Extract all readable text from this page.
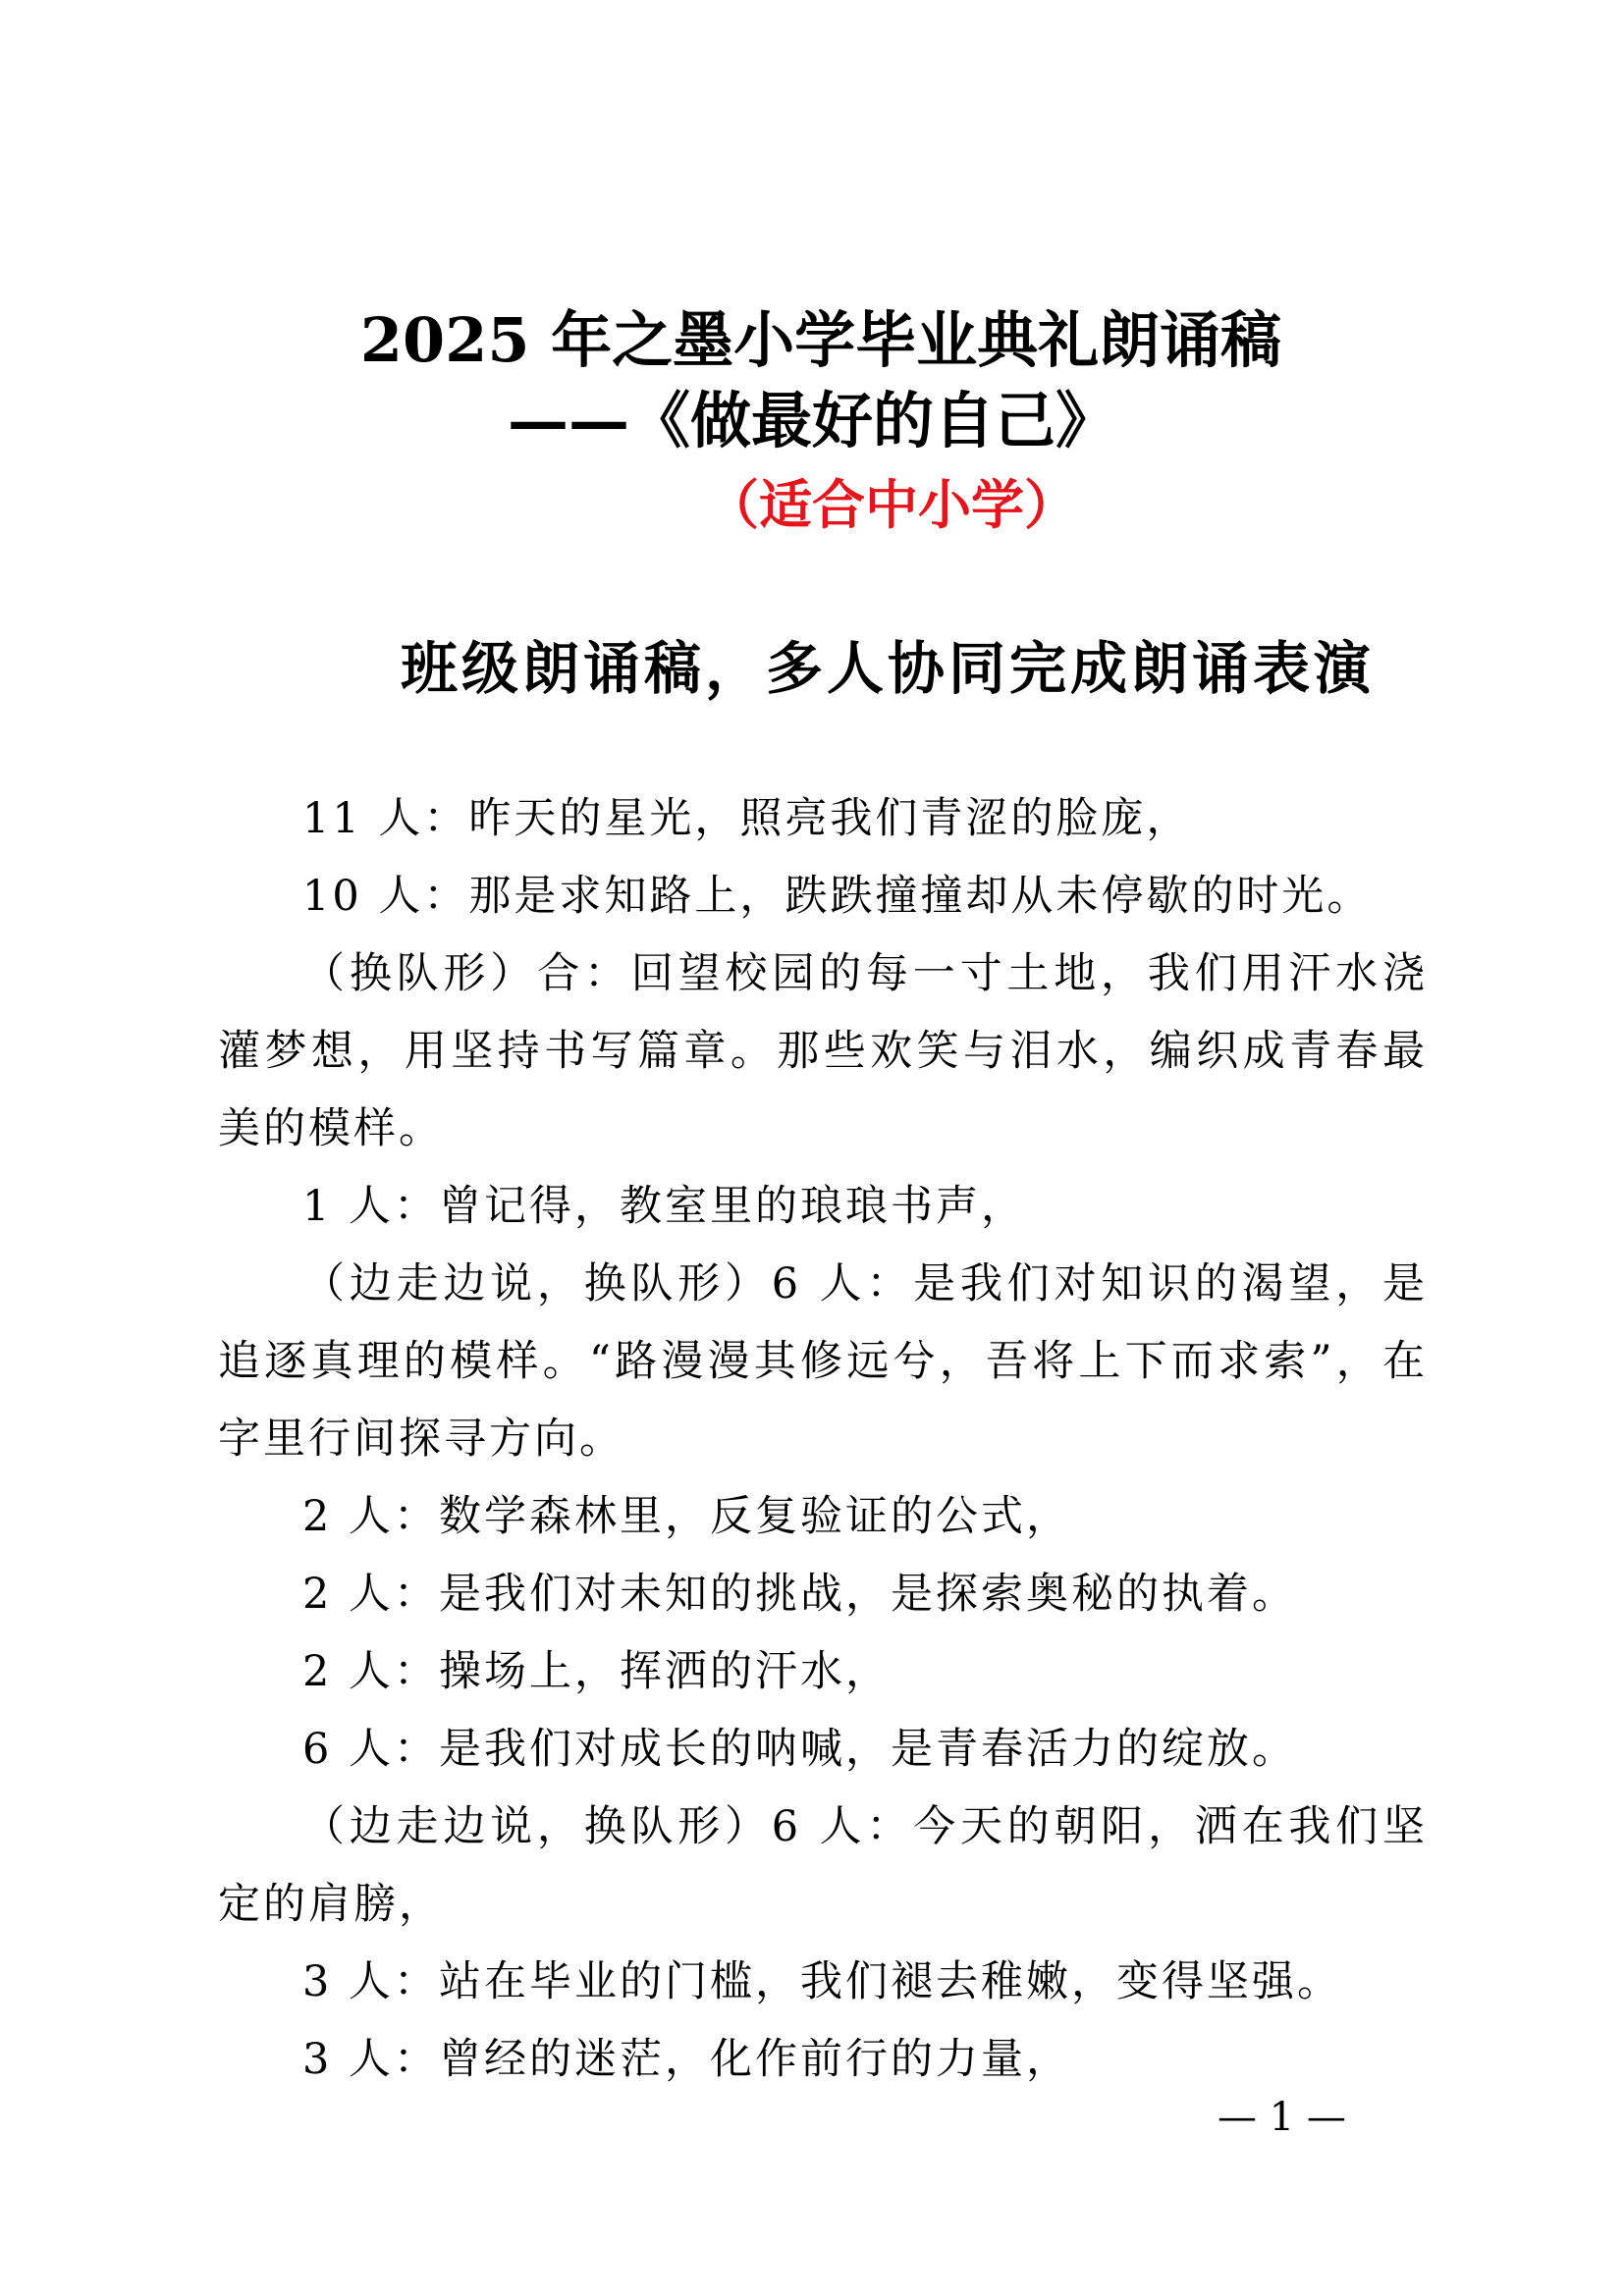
2025 年之墨小学毕业典礼朗诵稿
——《做最好的自己》
（适合中小学）
班级朗诵稿，多人协同完成朗诵表演

11 人：昨天的星光，照亮我们青涩的脸庞，

10 人：那是求知路上，跌跌撞撞却从未停歇的时光。

（换队形）合：回望校园的每一寸土地，我们用汗水浇灌梦想，用坚持书写篇章。那些欢笑与泪水，编织成青春最美的模样。

1 人：曾记得，教室里的琅琅书声，

（边走边说，换队形）6 人：是我们对知识的渴望，是追逐真理的模样。“路漫漫其修远兮，吾将上下而求索”，在字里行间探寻方向。

2 人：数学森林里，反复验证的公式，

2 人：是我们对未知的挑战，是探索奥秘的执着。

2 人：操场上，挥洒的汗水，

6 人：是我们对成长的呐喊，是青春活力的绽放。

（边走边说，换队形）6 人：今天的朝阳，洒在我们坚定的肩膀，

3 人：站在毕业的门槛，我们褪去稚嫩，变得坚强。

3 人：曾经的迷茫，化作前行的力量，

— 1 —
